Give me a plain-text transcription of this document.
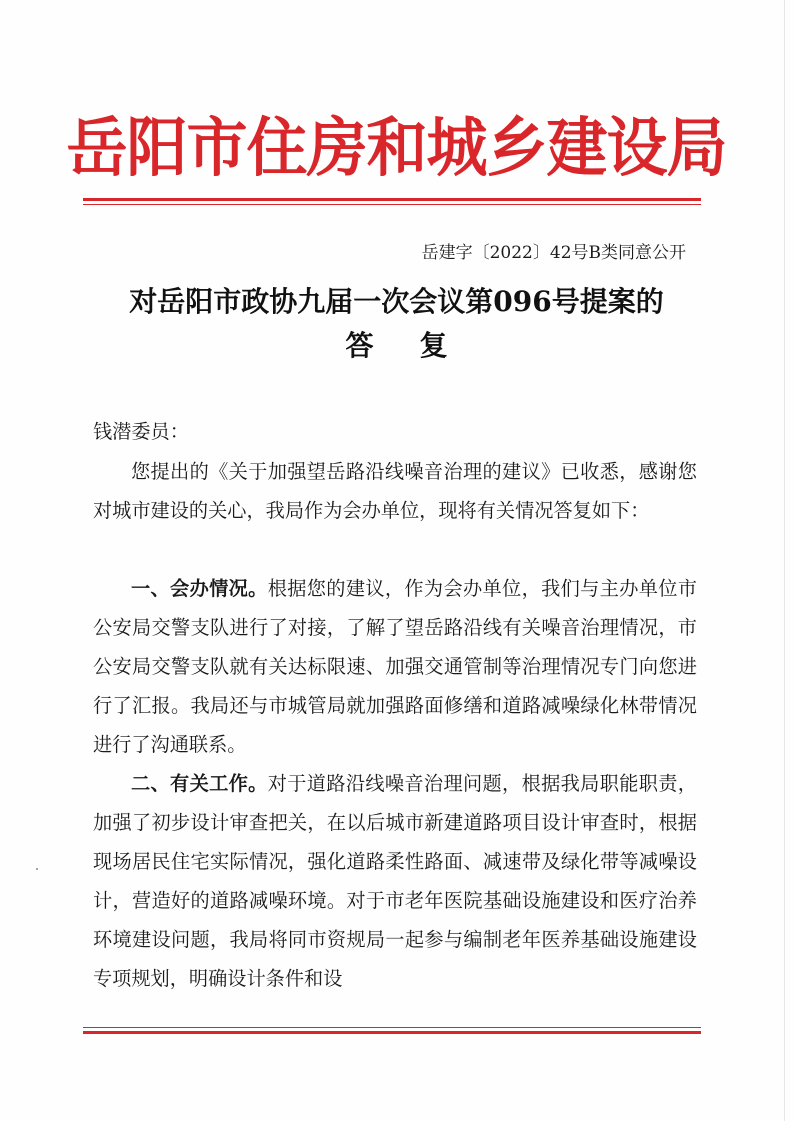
岳阳市住房和城乡建设局
岳建字〔2022〕42号B类同意公开
对岳阳市政协九届一次会议第096号提案的
答复
钱潜委员：

您提出的《关于加强望岳路沿线噪音治理的建议》已收悉，感谢您对城市建设的关心，我局作为会办单位，现将有关情况答复如下：

一、会办情况。根据您的建议，作为会办单位，我们与主办单位市公安局交警支队进行了对接，了解了望岳路沿线有关噪音治理情况，市公安局交警支队就有关达标限速、加强交通管制等治理情况专门向您进行了汇报。我局还与市城管局就加强路面修缮和道路减噪绿化林带情况进行了沟通联系。

二、有关工作。对于道路沿线噪音治理问题，根据我局职能职责，加强了初步设计审查把关，在以后城市新建道路项目设计审查时，根据现场居民住宅实际情况，强化道路柔性路面、减速带及绿化带等减噪设计，营造好的道路减噪环境。对于市老年医院基础设施建设和医疗治养环境建设问题，我局将同市资规局一起参与编制老年医养基础设施建设专项规划，明确设计条件和设
